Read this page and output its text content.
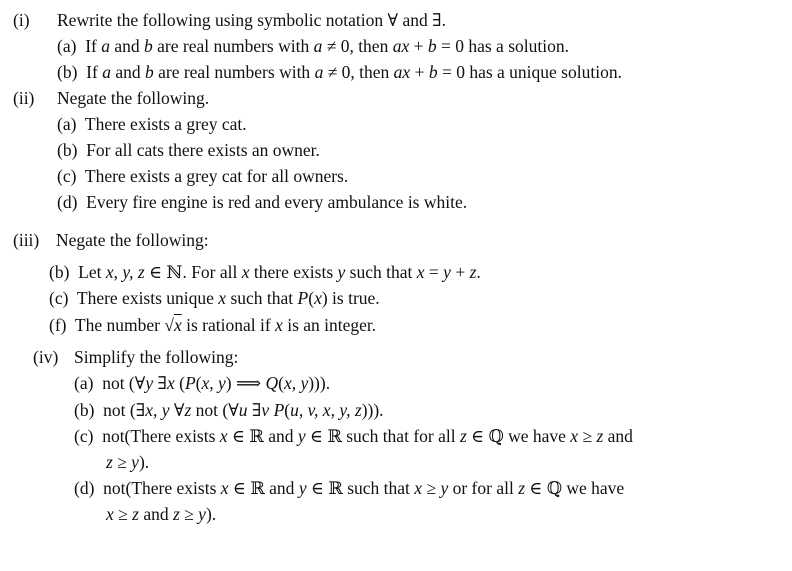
(i) Rewrite the following using symbolic notation ∀ and ∃.
(a) If a and b are real numbers with a ≠ 0, then ax + b = 0 has a solution.
(b) If a and b are real numbers with a ≠ 0, then ax + b = 0 has a unique solution.
(ii) Negate the following.
(a) There exists a grey cat.
(b) For all cats there exists an owner.
(c) There exists a grey cat for all owners.
(d) Every fire engine is red and every ambulance is white.
(iii) Negate the following:
(b) Let x, y, z ∈ ℕ. For all x there exists y such that x = y + z.
(c) There exists unique x such that P(x) is true.
(f) The number √x is rational if x is an integer.
(iv) Simplify the following:
(a) not (∀y ∃x (P(x, y) ⟹ Q(x, y))).
(b) not (∃x, y ∀z not (∀u ∃v P(u, v, x, y, z))).
(c) not(There exists x ∈ ℝ and y ∈ ℝ such that for all z ∈ ℚ we have x ≥ z and
z ≥ y).
(d) not(There exists x ∈ ℝ and y ∈ ℝ such that x ≥ y or for all z ∈ ℚ we have
x ≥ z and z ≥ y).
